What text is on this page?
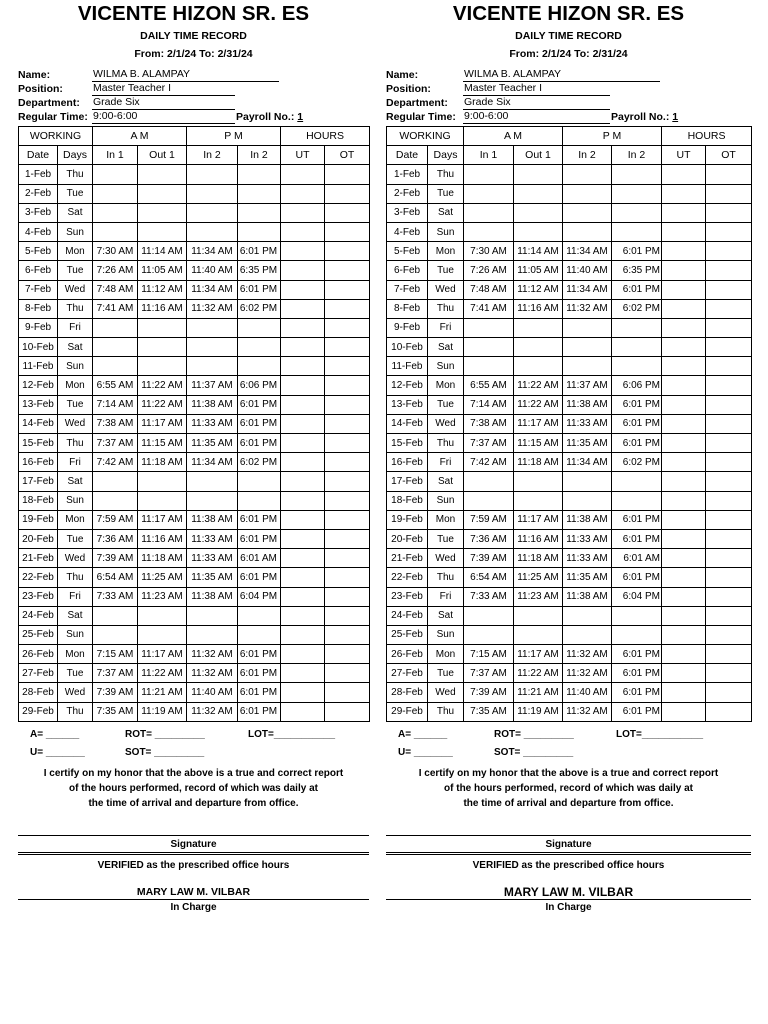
VICENTE HIZON SR. ES
DAILY TIME RECORD
From: 2/1/24 To: 2/31/24
Name:	WILMA B. ALAMPAY
Position:	Master Teacher I
Department: Grade Six
Regular Time: 9:00-6:00	Payroll No.: 1
WORKING		A M		P M		HOURS	
Date	Days	In 1	Out 1	In 2	In 2	UT	OT
1-Feb	Thu						
2-Feb	Tue						
3-Feb	Sat						
4-Feb	Sun						
5-Feb	Mon	7:30 AM	11:14 AM	11:34 AM	6:01 PM		
6-Feb	Tue	7:26 AM	11:05 AM	11:40 AM	6:35 PM		
7-Feb	Wed	7:48 AM	11:12 AM	11:34 AM	6:01 PM		
8-Feb	Thu	7:41 AM	11:16 AM	11:32 AM	6:02 PM		
9-Feb	Fri						
10-Feb	Sat						
11-Feb	Sun						
12-Feb	Mon	6:55 AM	11:22 AM	11:37 AM	6:06 PM		
13-Feb	Tue	7:14 AM	11:22 AM	11:38 AM	6:01 PM		
14-Feb	Wed	7:38 AM	11:17 AM	11:33 AM	6:01 PM		
15-Feb	Thu	7:37 AM	11:15 AM	11:35 AM	6:01 PM		
16-Feb	Fri	7:42 AM	11:18 AM	11:34 AM	6:02 PM		
17-Feb	Sat						
18-Feb	Sun						
19-Feb	Mon	7:59 AM	11:17 AM	11:38 AM	6:01 PM		
20-Feb	Tue	7:36 AM	11:16 AM	11:33 AM	6:01 PM		
21-Feb	Wed	7:39 AM	11:18 AM	11:33 AM	6:01 AM		
22-Feb	Thu	6:54 AM	11:25 AM	11:35 AM	6:01 PM		
23-Feb	Fri	7:33 AM	11:23 AM	11:38 AM	6:04 PM		
24-Feb	Sat						
25-Feb	Sun						
26-Feb	Mon	7:15 AM	11:17 AM	11:32 AM	6:01 PM		
27-Feb	Tue	7:37 AM	11:22 AM	11:32 AM	6:01 PM		
28-Feb	Wed	7:39 AM	11:21 AM	11:40 AM	6:01 PM		
29-Feb	Thu	7:35 AM	11:19 AM	11:32 AM	6:01 PM		
A= ______	ROT= _________	LOT=___________
U= _______	SOT= _________
I certify on my honor that the above is a true and correct report
of the hours performed, record of which was daily at
the time of arrival and departure from office.
Signature
VERIFIED as the prescribed office hours
MARY LAW M. VILBAR
In Charge
VICENTE HIZON SR. ES
DAILY TIME RECORD
From: 2/1/24 To: 2/31/24
Name:	WILMA B. ALAMPAY
Position:	Master Teacher I
Department: Grade Six
Regular Time: 9:00-6:00	Payroll No.: 1
WORKING		A M		P M		HOURS	
Date	Days	In 1	Out 1	In 2	In 2	UT	OT
1-Feb	Thu						
2-Feb	Tue						
3-Feb	Sat						
4-Feb	Sun						
5-Feb	Mon	7:30 AM	11:14 AM	11:34 AM	6:01 PM		
6-Feb	Tue	7:26 AM	11:05 AM	11:40 AM	6:35 PM		
7-Feb	Wed	7:48 AM	11:12 AM	11:34 AM	6:01 PM		
8-Feb	Thu	7:41 AM	11:16 AM	11:32 AM	6:02 PM		
9-Feb	Fri						
10-Feb	Sat						
11-Feb	Sun						
12-Feb	Mon	6:55 AM	11:22 AM	11:37 AM	6:06 PM		
13-Feb	Tue	7:14 AM	11:22 AM	11:38 AM	6:01 PM		
14-Feb	Wed	7:38 AM	11:17 AM	11:33 AM	6:01 PM		
15-Feb	Thu	7:37 AM	11:15 AM	11:35 AM	6:01 PM		
16-Feb	Fri	7:42 AM	11:18 AM	11:34 AM	6:02 PM		
17-Feb	Sat						
18-Feb	Sun						
19-Feb	Mon	7:59 AM	11:17 AM	11:38 AM	6:01 PM		
20-Feb	Tue	7:36 AM	11:16 AM	11:33 AM	6:01 PM		
21-Feb	Wed	7:39 AM	11:18 AM	11:33 AM	6:01 AM		
22-Feb	Thu	6:54 AM	11:25 AM	11:35 AM	6:01 PM		
23-Feb	Fri	7:33 AM	11:23 AM	11:38 AM	6:04 PM		
24-Feb	Sat						
25-Feb	Sun						
26-Feb	Mon	7:15 AM	11:17 AM	11:32 AM	6:01 PM		
27-Feb	Tue	7:37 AM	11:22 AM	11:32 AM	6:01 PM		
28-Feb	Wed	7:39 AM	11:21 AM	11:40 AM	6:01 PM		
29-Feb	Thu	7:35 AM	11:19 AM	11:32 AM	6:01 PM		
A= ______	ROT= _________	LOT=___________
U= _______	SOT= _________
I certify on my honor that the above is a true and correct report
of the hours performed, record of which was daily at
the time of arrival and departure from office.
Signature
VERIFIED as the prescribed office hours
MARY LAW M. VILBAR
In Charge
